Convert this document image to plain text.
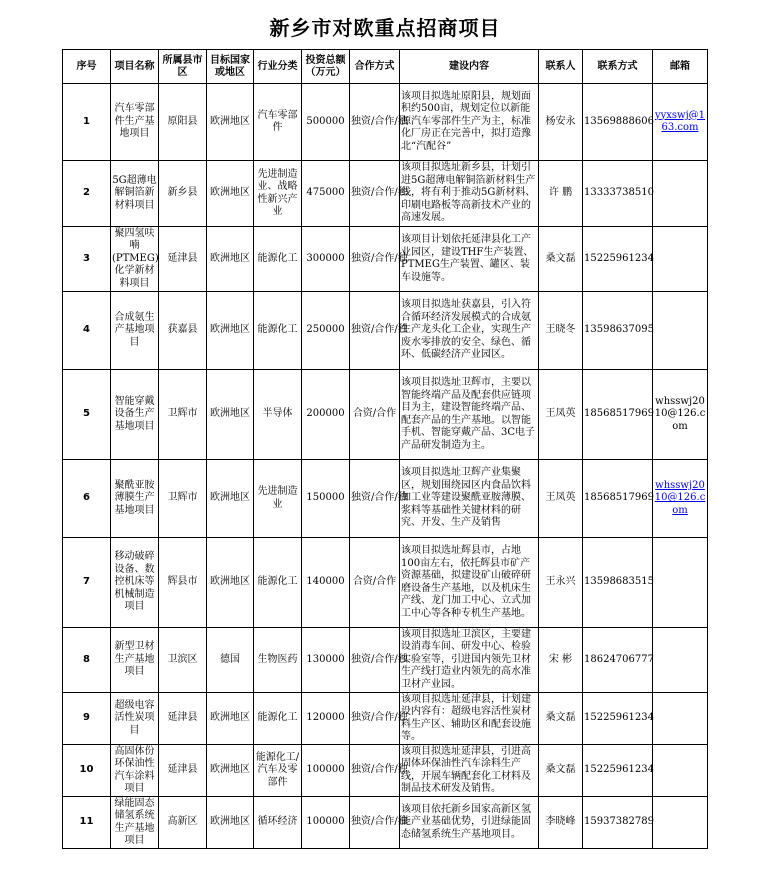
新乡市对欧重点招商项目
序号	项目名称	所属县市区	目标国家或地区	行业分类	投资总额（万元）	合作方式	建设内容	联系人	联系方式	邮箱
1	汽车零部件生产基地项目	原阳县	欧洲地区	汽车零部件	500000	独资/合作/独	该项目拟选址原阳县，规划面积约500亩，规划定位以新能源汽车零部件生产为主，标准化厂房正在完善中，拟打造豫北“汽配谷”	杨安永	13569888606	yyxswj@163.com
2	5G超薄电解铜箔新材料项目	新乡县	欧洲地区	先进制造业、战略性新兴产业	475000	独资/合作/独	该项目拟选址新乡县，计划引进5G超薄电解铜箔新材料生产线，将有利于推动5G新材料、印刷电路板等高新技术产业的高速发展。	许 鹏	13333738510	
3	聚四氢呋喃(PTMEG)化学新材料项目	延津县	欧洲地区	能源化工	300000	独资/合作/独	该项目计划依托延津县化工产业园区，建设THF生产装置、PTMEG生产装置、罐区、装车设施等。	桑文磊	15225961234	
4	合成氨生产基地项目	获嘉县	欧洲地区	能源化工	250000	独资/合作/独	该项目拟选址获嘉县，引入符合循环经济发展模式的合成氨生产龙头化工企业，实现生产废水零排放的安全、绿色、循环、低碳经济产业园区。	王晓冬	13598637095	
5	智能穿戴设备生产基地项目	卫辉市	欧洲地区	半导体	200000	合资/合作	该项目拟选址卫辉市，主要以智能终端产品及配套供应链项目为主，建设智能终端产品、配套产品的生产基地。以智能手机、智能穿戴产品、3C电子产品研发制造为主。	王凤英	18568517969	whsswj2010@126.com
6	聚酰亚胺薄膜生产基地项目	卫辉市	欧洲地区	先进制造业	150000	独资/合作/独	该项目拟选址卫辉产业集聚区，规划围绕园区内食品饮料加工业等建设聚酰亚胺薄膜、浆料等基础性关键材料的研究、开发、生产及销售	王凤英	18568517969	whsswj2010@126.com
7	移动破碎设备、数控机床等机械制造项目	辉县市	欧洲地区	能源化工	140000	合资/合作	该项目拟选址辉县市，占地100亩左右，依托辉县市矿产资源基础，拟建设矿山破碎研磨设备生产基地，以及机床生产线、龙门加工中心、立式加工中心等各种专机生产基地。	王永兴	13598683515	
8	新型卫材生产基地项目	卫滨区	德国	生物医药	130000	独资/合作/独	该项目拟选址卫滨区，主要建设消毒车间、研发中心、检验实验室等，引进国内领先卫材生产线打造业内领先的高水准卫材产业园。	宋 彬	18624706777	
9	超级电容活性炭项目	延津县	欧洲地区	能源化工	120000	独资/合作/独	该项目拟选址延津县，计划建设内容有：超级电容活性炭材料生产区、辅助区和配套设施等。	桑文磊	15225961234	
10	高固体份环保油性汽车涂料项目	延津县	欧洲地区	能源化工/汽车及零部件	100000	独资/合作/独	该项目拟选址延津县，引进高固体环保油性汽车涂料生产线，开展车辆配套化工材料及制品技术研发及销售。	桑文磊	15225961234	
11	绿能固态储氢系统生产基地项目	高新区	欧洲地区	循环经济	100000	独资/合作/独	该项目依托新乡国家高新区氢能产业基础优势，引进绿能固态储氢系统生产基地项目。	李晓峰	15937382789	
